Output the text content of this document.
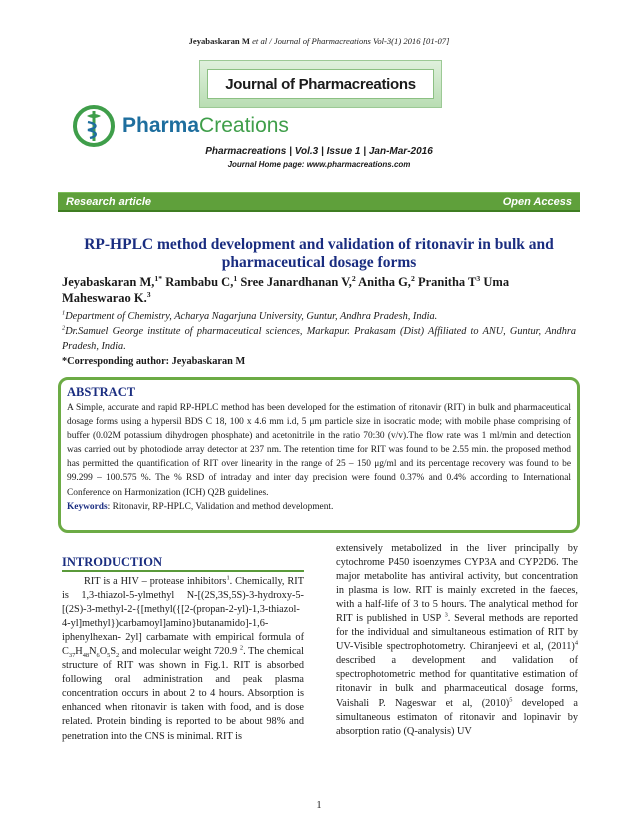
Jeyabaskaran M et al / Journal of Pharmacreations Vol-3(1) 2016 [01-07]
Journal of Pharmacreations
PharmaCreations
Pharmacreations | Vol.3 | Issue 1 | Jan-Mar-2016
Journal Home page: www.pharmacreations.com
Research article	Open Access
RP-HPLC method development and validation of ritonavir in bulk and pharmaceutical dosage forms
Jeyabaskaran M,$^{1*}$ Rambabu C,$^1$ Sree Janardhanan V,$^2$ Anitha G,$^2$ Pranitha $T^3$ Uma Maheswarao K.$^3$

$^1$Department of Chemistry, Acharya Nagarjuna University, Guntur, Andhra Pradesh, India.

$^2$Dr.Samuel George institute of pharmaceutical sciences, Markapur. Prakasam (Dist) Affiliated to ANU, Guntur, Andhra Pradesh, India.

*Corresponding author: Jeyabaskaran M

ABSTRACT

A Simple, accurate and rapid RP-HPLC method has been developed for the estimation of ritonavir (RIT) in bulk and pharmaceutical dosage forms using a hypersil BDS C 18, 100 x 4.6 mm i.d, 5 μm particle size in isocratic mode; with mobile phase comprising of buffer (0.02M potassium dihydrogen phosphate) and acetonitrile in the ratio 70:30 (v/v).The flow rate was 1 ml/min and detection was carried out by photodiode array detector at 237 nm. The retention time for RIT was found to be 2.55 min. the proposed method has permitted the quantification of RIT over linearity in the range of 25 – 150 μg/ml and its percentage recovery was found to be 99.299 – 100.575 %. The % RSD of intraday and inter day precision were found 0.37% and 0.4% according to International Conference on Harmonization (ICH) Q2B guidelines.

Keywords: Ritonavir, RP-HPLC, Validation and method development.

INTRODUCTION

RIT is a HIV – protease inhibitors$^1$. Chemically, RIT is 1,3-thiazol-5-ylmethyl N-[(2S,3S,5S)-3-hydroxy-5-[(2S)-3-methyl-2-{[methyl({[2-(propan-2-yl)-1,3-thiazol-4-yl]methyl})carbamoyl]amino}butanamido]-1,6-iphenylhexan- 2yl] carbamate with empirical formula of $C_{37}H_{48}N_6O_5S_2$ and molecular weight 720.9 $^2$. The chemical structure of RIT was shown in Fig.1. RIT is absorbed following oral administration and peak plasma concentration occurs in about 2 to 4 hours. Absorption is enhanced when ritonavir is taken with food, and is dose related. Protein binding is reported to be about 98% and penetration into the CNS is minimal. RIT is

extensively metabolized in the liver principally by cytochrome P450 isoenzymes CYP3A and CYP2D6. The major metabolite has antiviral activity, but concentration in plasma is low. RIT is mainly excreted in the faeces, with a half-life of 3 to 5 hours. The analytical method for RIT is published in USP $^3$. Several methods are reported for the individual and simultaneous estimation of RIT by UV-Visible spectrophotometry. Chiranjeevi et al, $(2011)^4$ described a development and validation of spectrophotometric method for quantitative estimation of ritonavir in bulk and pharmaceutical dosage forms, Vaishali P. Nageswar et al, $(2010)^5$ developed a simultaneous estimaton of ritonavir and lopinavir by absorption ratio (Q-analysis) UV

1
